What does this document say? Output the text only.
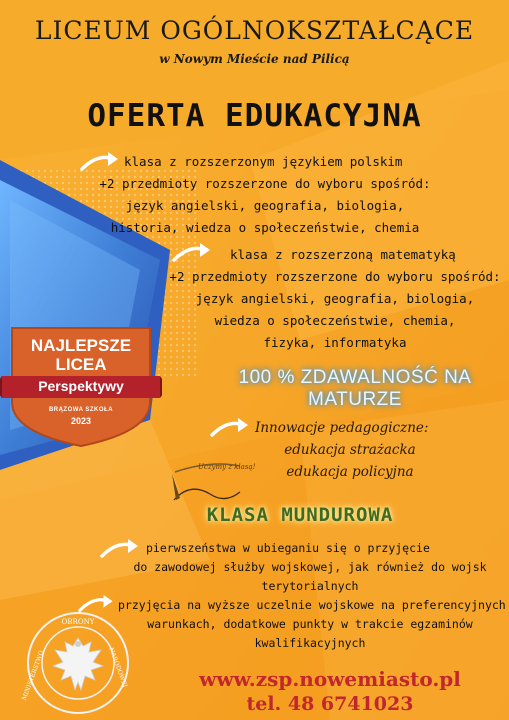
LICEUM OGÓLNOKSZTAŁCĄCE
w Nowym Mieście nad Pilicą
OFERTA EDUKACYJNA
klasa z rozszerzonym językiem polskim
+2 przedmioty rozszerzone do wyboru spośród:
język angielski, geografia, biologia,
historia, wiedza o społeczeństwie, chemia
klasa z rozszerzoną matematyką
+2 przedmioty rozszerzone do wyboru spośród:
język angielski, geografia, biologia,
wiedza o społeczeństwie, chemia,
fizyka, informatyka
NAJLEPSZE
LICEA
Perspektywy
BRĄZOWA SZKOŁA
2023
100 % ZDAWALNOŚĆ NA MATURZE
Innowacje pedagogiczne:
edukacja strażacka
edukacja policyjna
Uczymy z klasą!
KLASA MUNDUROWA
pierwszeństwa w ubieganiu się o przyjęcie
do zawodowej służby wojskowej, jak również do wojsk
terytorialnych
przyjęcia na wyższe uczelnie wojskowe na preferencyjnych
warunkach, dodatkowe punkty w trakcie egzaminów
kwalifikacyjnych
OBRONY
MINISTERSTWO	NARODOWEJ	www.zsp.nowemiasto.pl
tel. 48 6741023
